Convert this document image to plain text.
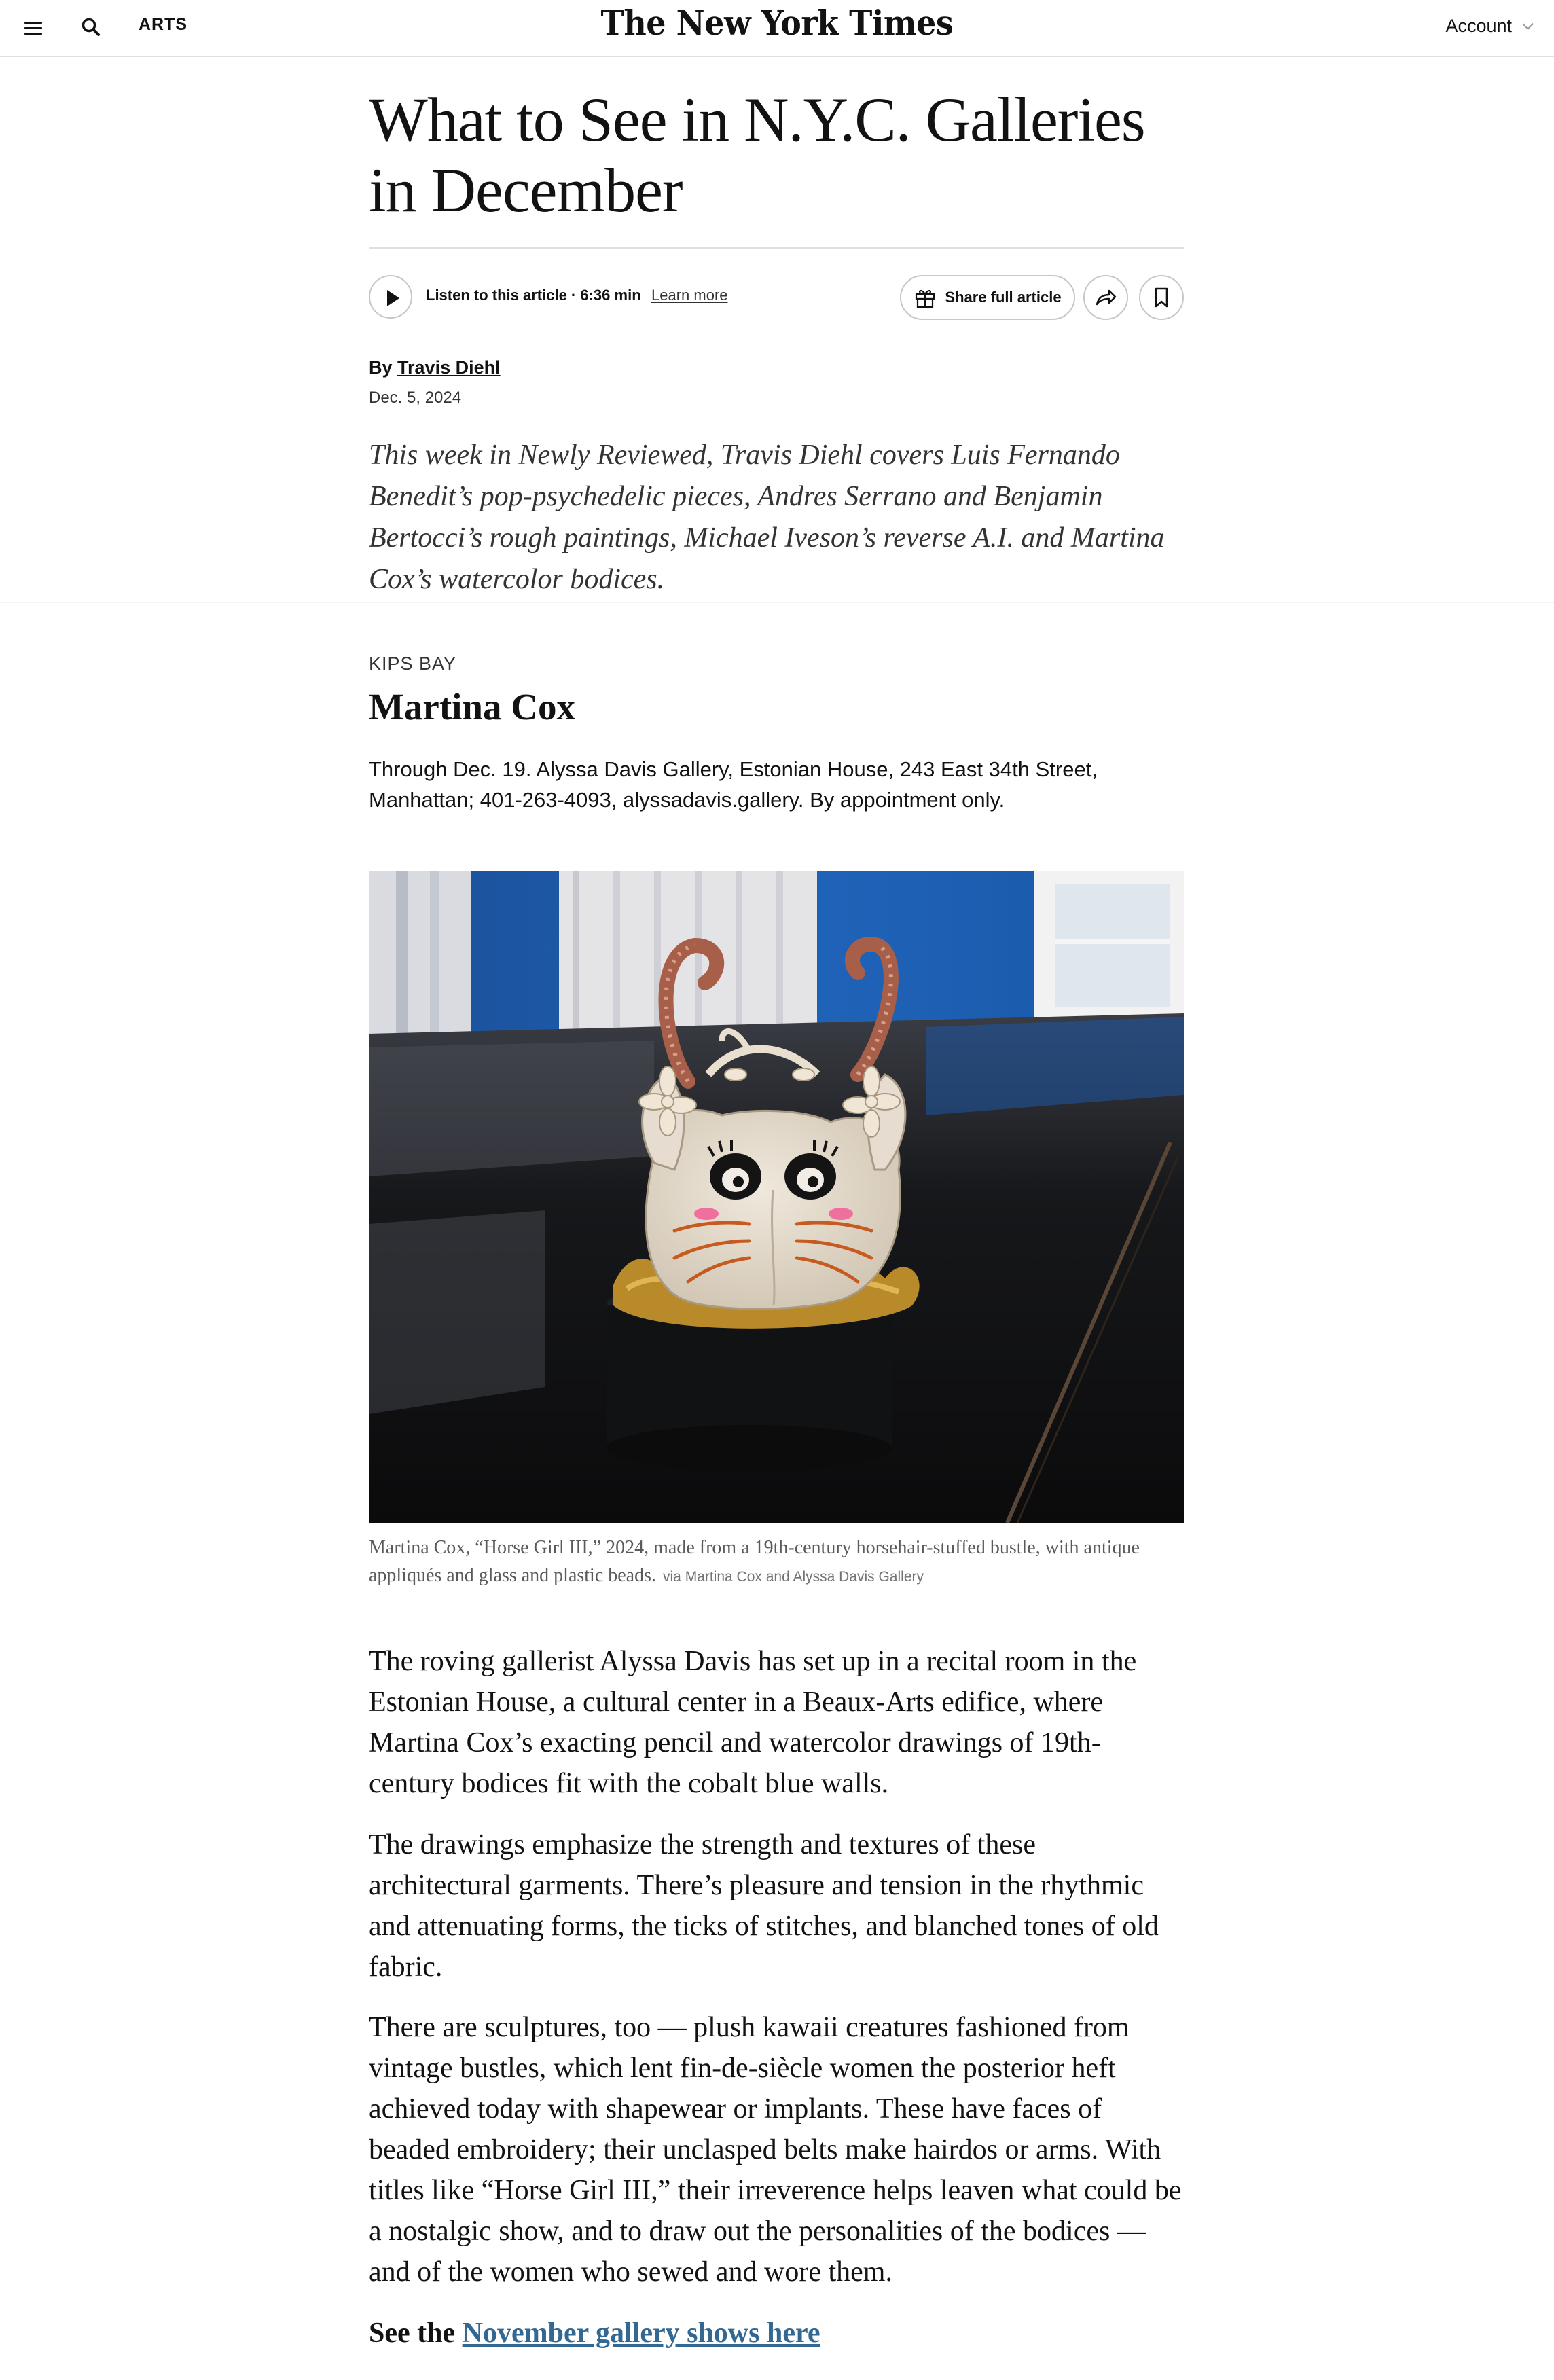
ARTS	The New York Times	Account
What to See in N.Y.C. Galleries in December
Listen to this article · 6:36 min Learn more	Share full article
By Travis Diehl
Dec. 5, 2024

This week in Newly Reviewed, Travis Diehl covers Luis Fernando Benedit’s pop-psychedelic pieces, Andres Serrano and Benjamin Bertocci’s rough paintings, Michael Iveson’s reverse A.I. and Martina Cox’s watercolor bodices.

KIPS BAY
Martina Cox

Through Dec. 19. Alyssa Davis Gallery, Estonian House, 243 East 34th Street, Manhattan; 401-263-4093, alyssadavis.gallery. By appointment only.

Martina Cox, “Horse Girl III,” 2024, made from a 19th-century horsehair-stuffed bustle, with antique appliqués and glass and plastic beads. via Martina Cox and Alyssa Davis Gallery

The roving gallerist Alyssa Davis has set up in a recital room in the Estonian House, a cultural center in a Beaux-Arts edifice, where Martina Cox’s exacting pencil and watercolor drawings of 19th-century bodices fit with the cobalt blue walls.

The drawings emphasize the strength and textures of these architectural garments. There’s pleasure and tension in the rhythmic and attenuating forms, the ticks of stitches, and blanched tones of old fabric.

There are sculptures, too — plush kawaii creatures fashioned from vintage bustles, which lent fin-de-siècle women the posterior heft achieved today with shapewear or implants. These have faces of beaded embroidery; their unclasped belts make hairdos or arms. With titles like “Horse Girl III,” their irreverence helps leaven what could be a nostalgic show, and to draw out the personalities of the bodices — and of the women who sewed and wore them.

See the November gallery shows here
